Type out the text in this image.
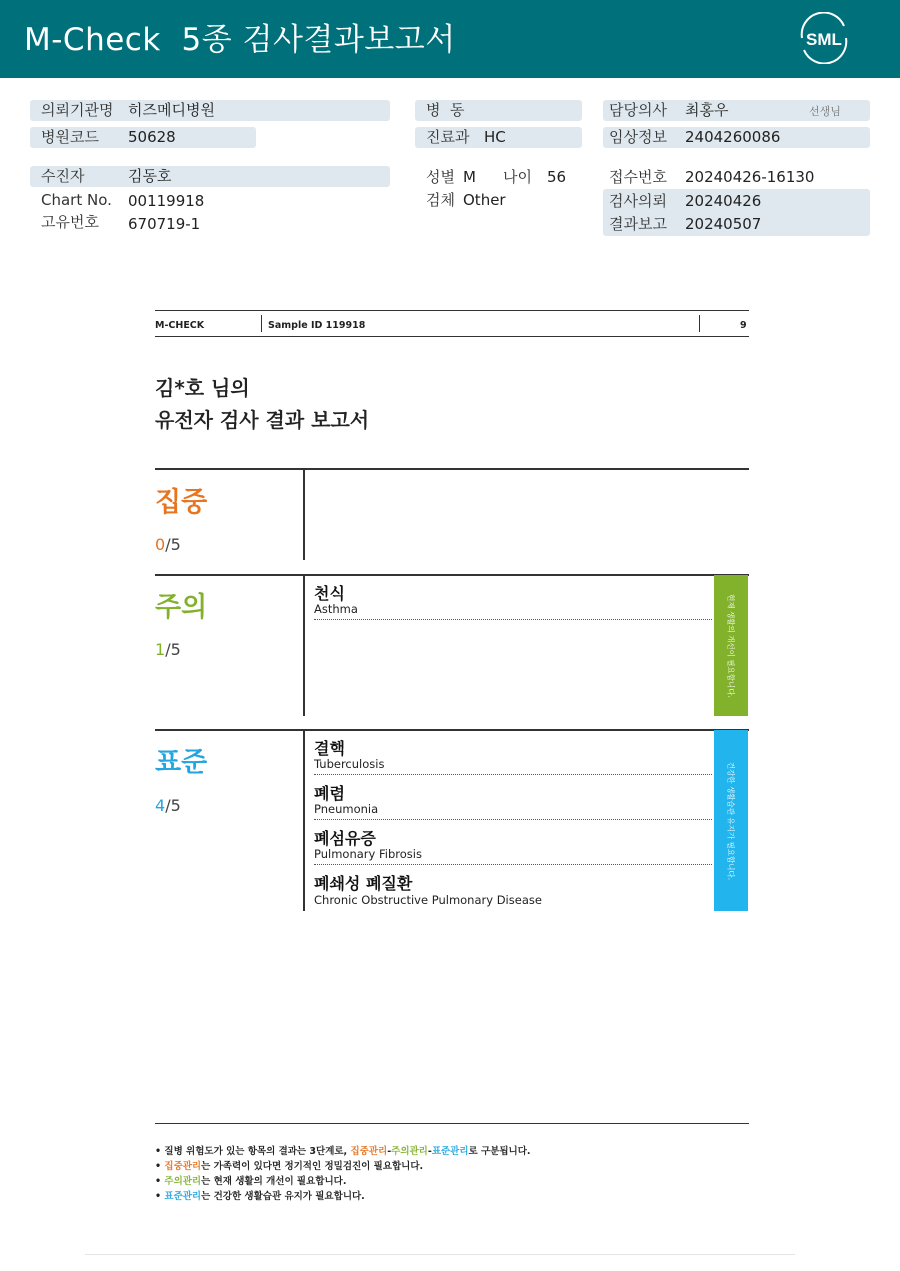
M-Check  5종 검사결과보고서	SML
의뢰기관명 히즈메디병원
병원코드 50628
수진자	김동호
Chart No. 00119918
고유번호 670719-1
병  동
진료과 HC
성별 M 나이 56
검체 Other
담당의사 최홍우	선생님
임상정보 2404260086
접수번호 20240426-16130
검사의뢰 20240426
결과보고 20240507
M-CHECK	Sample ID 119918	9
김*호 님의
유전자 검사 결과 보고서
집중
0/5
주의
1/5
천식
Asthma	현재 생활의 개선이 필요합니다.
표준
4/5
결핵
Tuberculosis
폐렴
Pneumonia
폐섬유증
Pulmonary Fibrosis
폐쇄성 폐질환
Chronic Obstructive Pulmonary Disease
건강한 생활습관 유지가 필요합니다.
• 질병 위험도가 있는 항목의 결과는 3단계로, 집중관리-주의관리-표준관리로 구분됩니다.
• 집중관리는 가족력이 있다면 정기적인 정밀검진이 필요합니다.
• 주의관리는 현재 생활의 개선이 필요합니다.
• 표준관리는 건강한 생활습관 유지가 필요합니다.
